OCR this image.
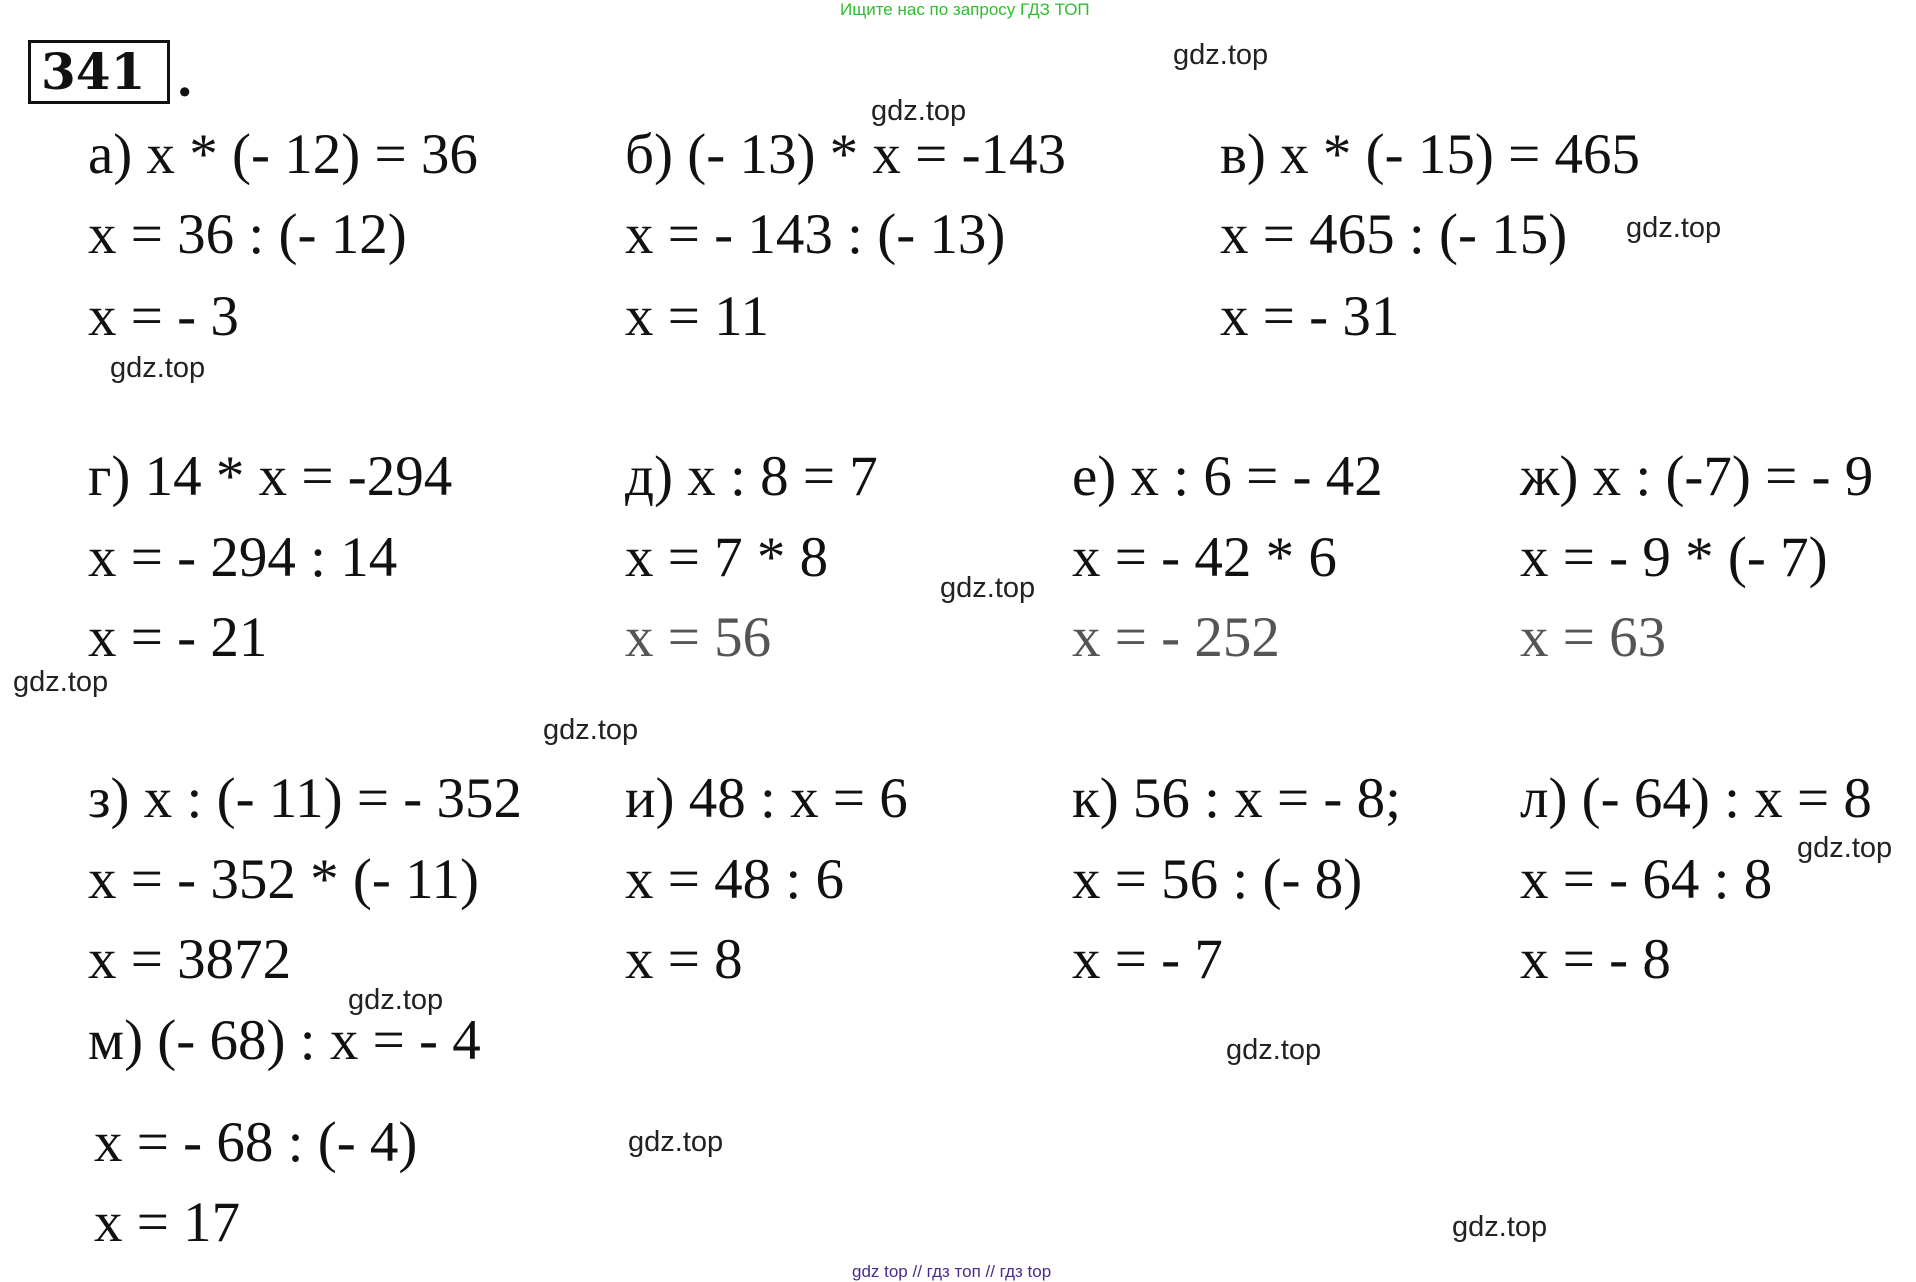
Ищите нас по запросу ГДЗ ТОП
341 .
а) x * (- 12) = 36
x = 36 : (- 12)
x = - 3
б) (- 13) * x = -143
x = - 143 : (- 13)
x = 11
в) x * (- 15) = 465
x = 465 : (- 15)
x = - 31
г) 14 * x = -294
x = - 294 : 14
x = - 21
д) x : 8 = 7
x = 7 * 8
x = 56
е) x : 6 = - 42
x = - 42 * 6
x = - 252
ж) x : (-7) = - 9
x = - 9 * (- 7)
x = 63
з) x : (- 11) = - 352
x = - 352 * (- 11)
x = 3872
и) 48 : x = 6
x = 48 : 6
x = 8
к) 56 : x = - 8;
x = 56 : (- 8)
x = - 7
л) (- 64) : x = 8
x = - 64 : 8
x = - 8
м) (- 68) : x = - 4
x = - 68 : (- 4)
x = 17
gdz.top
gdz.top
gdz.top
gdz.top
gdz.top
gdz.top
gdz.top
gdz.top
gdz.top
gdz.top
gdz.top
gdz.top
gdz top // гдз топ // гдз top
